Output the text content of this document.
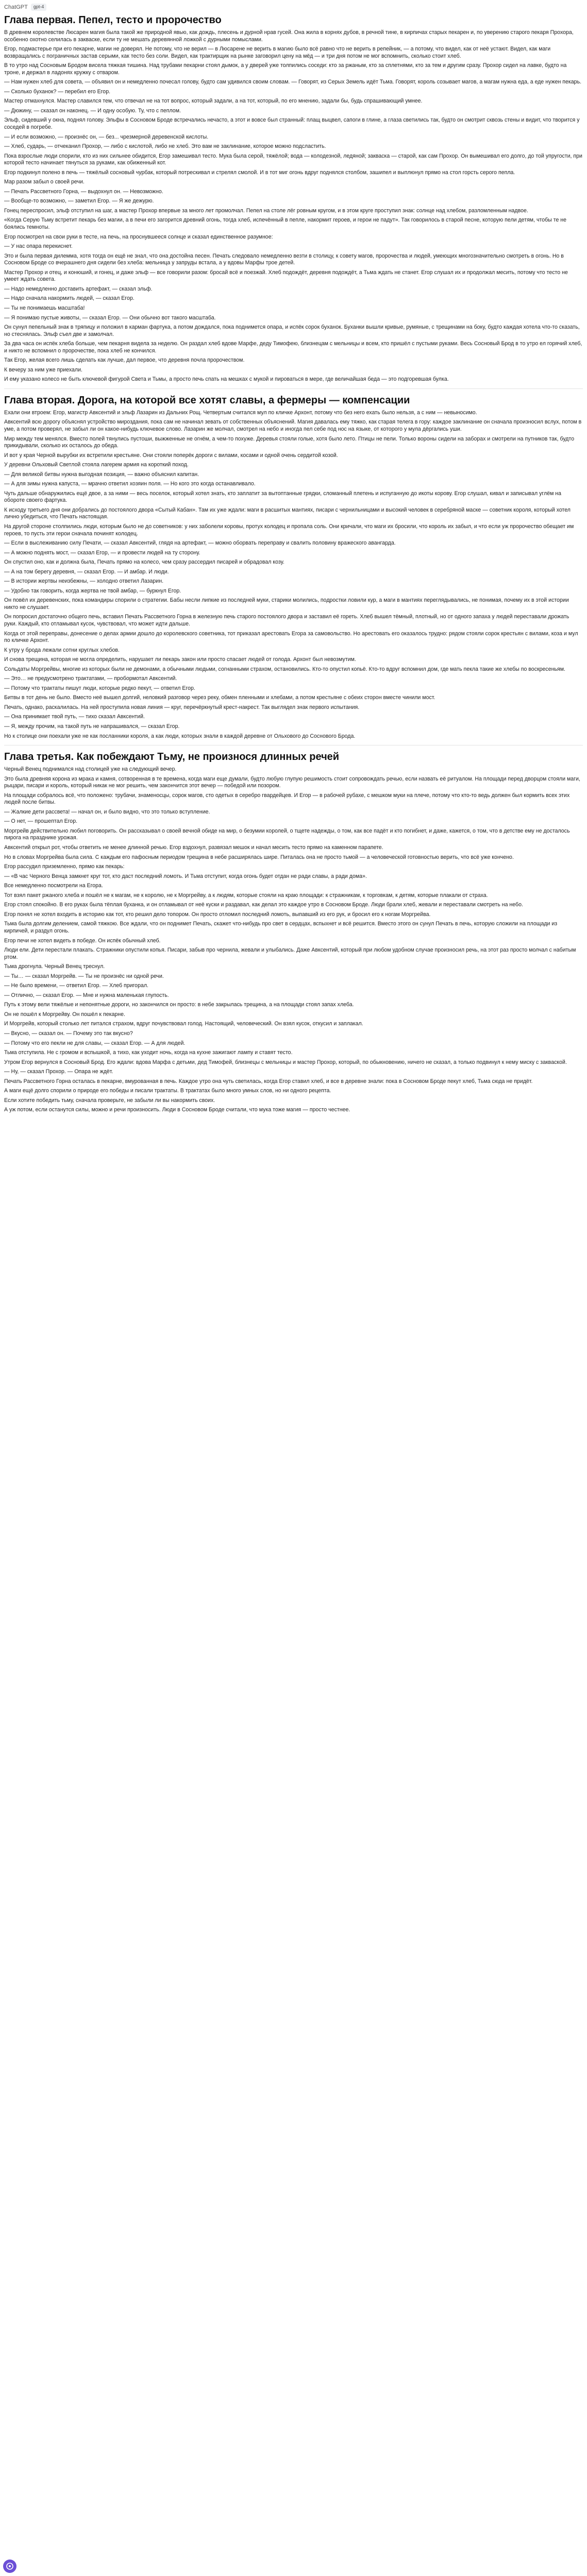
ChatGPT	gpt-4
Глава первая. Пепел, тесто и пророчество

В древнем королевстве Люсарен магия была такой же природной явью, как дождь, плесень и дурной нрав гусей. Она жила в корнях дубов, в речной тине, в кирпичах старых пекарен и, по уверению старого пекаря Прохора, особенно охотно селилась в закваске, если ту не мешать деревянной ложкой с дурными помыслами.

Егор, подмастерье при его пекарне, магии не доверял. Не потому, что не верил — в Люсарене не верить в магию было всё равно что не верить в репейник, — а потому, что видел, как от неё устают. Видел, как маги возвращались с пограничных застав серыми, как тесто без соли. Видел, как трактирщик на рынке заговорил цену на мёд — и три дня потом не мог вспомнить, сколько стоит хлеб.

В то утро над Сосновым Бродом висела тяжкая тишина. Над трубами пекарни стоял дымок, а у дверей уже толпились соседи: кто за ржаным, кто за сплетнями, кто за тем и другим сразу. Прохор сидел на лавке, будто на троне, и держал в ладонях кружку с отваром.

— Нам нужен хлеб для совета, — объявил он и немедленно почесал голову, будто сам удивился своим словам. — Говорят, из Серых Земель идёт Тьма. Говорят, король созывает магов, а магам нужна еда, а еде нужен пекарь.

— Сколько буханок? — перебил его Егор.

Мастер отмахнулся. Мастер славился тем, что отвечал не на тот вопрос, который задали, а на тот, который, по его мнению, задали бы, будь спрашивающий умнее.

— Дюжину, — сказал он наконец. — И одну особую. Ту, что с пеплом.

Эльф, сидевший у окна, поднял голову. Эльфы в Сосновом Броде встречались нечасто, а этот и вовсе был странный: плащ выцвел, сапоги в глине, а глаза светились так, будто он смотрит сквозь стены и видит, что творится у соседей в погребе.

— И если возможно, — произнёс он, — без... чрезмерной деревенской кислоты.

— Хлеб, сударь, — отчеканил Прохор, — либо с кислотой, либо не хлеб. Это вам не заклинание, которое можно подсластить.

Пока взрослые люди спорили, кто из них сильнее обидится, Егор замешивал тесто. Мука была серой, тяжёлой; вода — колодезной, ледяной; закваска — старой, как сам Прохор. Он вымешивал его долго, до той упругости, при которой тесто начинает тянуться за руками, как обиженный кот.

Егор подкинул полено в печь — тяжёлый сосновый чурбак, который потрескивал и стрелял смолой. И в тот миг огонь вдруг поднялся столбом, зашипел и выплюнул прямо на стол горсть серого пепла.

Мар разом забыл о своей речи.

— Печать Рассветного Горна, — выдохнул он. — Невозможно.

— Вообще-то возможно, — заметил Егор. — Я же дежурю.

Гонец переспросил, эльф отступил на шаг, а мастер Прохор впервые за много лет промолчал. Пепел на столе лёг ровным кругом, и в этом круге проступил знак: солнце над хлебом, разломленным надвое.

«Когда Серую Тьму встретит пекарь без магии, а в печи его загорится древний огонь, тогда хлеб, испечённый в пепле, накормит героев, и герои не падут». Так говорилось в старой песне, которую пели детям, чтобы те не боялись темноты.

Егор посмотрел на свои руки в тесте, на печь, на проснувшееся солнце и сказал единственное разумное:

— У нас опара перекиснет.

Это и была первая дилемма, хотя тогда он ещё не знал, что она достойна песен. Печать следовало немедленно везти в столицу, к совету магов, пророчества и людей, умеющих многозначительно смотреть в огонь. Но в Сосновом Броде со вчерашнего дня сидели без хлеба: мельница у запруды встала, а у вдовы Марфы трое детей.

Мастер Прохор и отец, и конюший, и гонец, и даже эльф — все говорили разом: бросай всё и поезжай. Хлеб подождёт, деревня подождёт, а Тьма ждать не станет. Егор слушал их и продолжал месить, потому что тесто не умеет ждать совета.

— Надо немедленно доставить артефакт, — сказал эльф.

— Надо сначала накормить людей, — сказал Егор.

— Ты не понимаешь масштаба!

— Я понимаю пустые животы, — сказал Егор. — Они обычно вот такого масштаба.

Он сунул пепельный знак в тряпицу и положил в карман фартука, а потом дождался, пока поднимется опара, и испёк сорок буханок. Буханки вышли кривые, румяные, с трещинами на боку, будто каждая хотела что-то сказать, но стеснялась. Эльф съел две и замолчал.

За два часа он испёк хлеба больше, чем пекарня видела за неделю. Он раздал хлеб вдове Марфе, деду Тимофею, близнецам с мельницы и всем, кто пришёл с пустыми руками. Весь Сосновый Брод в то утро ел горячий хлеб, и никто не вспомнил о пророчестве, пока хлеб не кончился.

Так Егор, желая всего лишь сделать как лучше, дал первое, что деревня почла пророчеством.

К вечеру за ним уже приехали.

И ему указано колесо не быть ключевой фигурой Света и Тьмы, а просто печь спать на мешках с мукой и пироваться в мере, где величайшая беда — это подгоревшая булка.

Глава вторая. Дорога, на которой все хотят славы, а фермеры — компенсации

Ехали они втроем: Егор, магистр Авксентий и эльф Лазарин из Дальних Рощ. Четвертым считался мул по кличке Архонт, потому что без него ехать было нельзя, а с ним — невыносимо.

Авксентий всю дорогу объяснял устройство мироздания, пока сам не начинал зевать от собственных объяснений. Магия давалась ему тяжко, как старая телега в гору: каждое заклинание он сначала произносил вслух, потом в уме, а потом проверял, не забыл ли он какое-нибудь ключевое слово. Лазарин же молчал, смотрел на небо и иногда пел себе под нос на языке, от которого у мула дёргались уши.

Мир между тем менялся. Вместо полей тянулись пустоши, выжженные не огнём, а чем-то похуже. Деревья стояли голые, хотя было лето. Птицы не пели. Только вороны сидели на заборах и смотрели на путников так, будто прикидывали, сколько их осталось до обеда.

И вот у края Черной вырубки их встретили крестьяне. Они стояли поперёк дороги с вилами, косами и одной очень сердитой козой.

У деревни Ольховый Светлой стояла лагерем армия на короткий поход.

— Для великой битвы нужна выгодная позиция, — важно объяснил капитан.

— А для зимы нужна капуста, — мрачно ответил хозяин поля. — Но кого это когда останавливало.

Чуть дальше обнаружились ещё двое, а за ними — весь поселок, который хотел знать, кто заплатит за вытоптанные грядки, сломанный плетень и испуганную до икоты корову. Егор слушал, кивал и записывал углём на обороте своего фартука.

К исходу третьего дня они добрались до постоялого двора «Сытый Кабан». Там их уже ждали: маги в расшитых мантиях, писари с чернильницами и высокий человек в серебряной маске — советник короля, который хотел лично убедиться, что Печать настоящая.

На другой стороне столпились люди, которым было не до советников: у них заболели коровы, протух колодец и пропала соль. Они кричали, что маги их бросили, что король их забыл, и что если уж пророчество обещает им героев, то пусть эти герои сначала починят колодец.

— Если в выслеживанию силу Печати, — сказал Авксентий, глядя на артефакт, — можно оборвать переправу и свалить половину вражеского авангарда.

— А можно поднять мост, — сказал Егор, — и провести людей на ту сторону.

Он спустил оно, как и должна была, Печать прямо на колесо, чем сразу рассердил писарей и обрадовал козу.

— А на том берегу деревня, — сказал Егор. — И амбар. И люди.

— В истории жертвы неизбежны, — холодно ответил Лазарин.

— Удобно так говорить, когда жертва не твой амбар, — буркнул Егор.

Он повёл их деревенских, пока командиры спорили о стратегии. Бабы несли липкие из последней муки, старики молились, подростки ловили кур, а маги в мантиях переглядывались, не понимая, почему их в этой истории никто не слушает.

Он попросил достаточно общего печь, вставил Печать Рассветного Горна в железную печь старого постоялого двора и заставил её гореть. Хлеб вышел тёмный, плотный, но от одного запаха у людей переставали дрожать руки. Каждый, кто отламывал кусок, чувствовал, что может идти дальше.

Когда от этой переправы, донесение о делах армии дошло до королевского советника, тот приказал арестовать Егора за самовольство. Но арестовать его оказалось трудно: рядом стояли сорок крестьян с вилами, коза и мул по кличке Архонт.

К утру у брода лежали сотни круглых хлебов.

И снова трещина, которая не могла определить, нарушает ли пекарь закон или просто спасает людей от голода. Архонт был невозмутим.

Сольдаты Моргрейвы, многие из которых были не демонами, а обычными людьми, согнанными страхом, остановились. Кто-то опустил копьё. Кто-то вдруг вспомнил дом, где мать пекла такие же хлебы по воскресеньям.

— Это… не предусмотрено трактатами, — пробормотал Авксентий.

— Потому что трактаты пишут люди, которые редко пекут, — ответил Егор.

Битвы в тот день не было. Вместо неё вышел долгий, неловкий разговор через реку, обмен пленными и хлебами, а потом крестьяне с обеих сторон вместе чинили мост.

Печать, однако, раскалилась. На ней проступила новая линия — круг, перечёркнутый крест-накрест. Так выглядел знак первого испытания.

— Она принимает твой путь, — тихо сказал Авксентий.

— Я, между прочим, на такой путь не напрашивался, — сказал Егор.

Но к столице они поехали уже не как посланники короля, а как люди, которых знали в каждой деревне от Ольхового до Соснового Брода.

Глава третья. Как побеждают Тьму, не произнося длинных речей

Черный Венец поднимался над столицей уже на следующий вечер.

Это была древняя корона из мрака и камня, сотворенная в те времена, когда маги еще думали, будто любую глупую решимость стоит сопровождать речью, если назвать её ритуалом. На площади перед дворцом стояли маги, рыцари, писари и король, который никак не мог решить, чем закончится этот вечер — победой или позором.

На площади собралось всё, что положено: трубачи, знаменосцы, сорок магов, сто одетых в серебро гвардейцев. И Егор — в рабочей рубахе, с мешком муки на плече, потому что кто-то ведь должен был кормить всех этих людей после битвы.

— Жалкие дети рассвета! — начал он, и было видно, что это только вступление.

— О нет, — прошептал Егор.

Моргрейв действительно любил поговорить. Он рассказывал о своей вечной обиде на мир, о безумии королей, о тщете надежды, о том, как все падёт и кто погибнет, и даже, кажется, о том, что в детстве ему не досталось пирога на празднике урожая.

Авксентий открыл рот, чтобы ответить не менее длинной речью. Егор вздохнул, развязал мешок и начал месить тесто прямо на каменном парапете.

Но в словах Моргрейва была сила. С каждым его пафосным периодом трещина в небе расширялась шире. Питалась она не просто тьмой — а человеческой готовностью верить, что всё уже кончено.

Егор рассудил приземленно, прямо как пекарь:

— «В час Черного Венца замкнет круг тот, кто даст последний ломоть. И Тьма отступит, когда огонь будет отдан не ради славы, а ради дома».

Все немедленно посмотрели на Егора.

Тот взял пакет ржаного хлеба и пошёл не к магам, не к королю, не к Моргрейву, а к людям, которые стояли на краю площади: к стражникам, к торговкам, к детям, которые плакали от страха.

Егор стоял спокойно. В его руках была тёплая буханка, и он отламывал от неё куски и раздавал, как делал это каждое утро в Сосновом Броде. Люди брали хлеб, жевали и переставали смотреть на небо.

Егор понял не хотел входить в историю как тот, кто решил дело топором. Он просто отломил последний ломоть, выпавший из его рук, и бросил его к ногам Моргрейва.

Тьма была долгим делением, самой тяжкою. Все ждали, что он поднимет Печать, скажет что-нибудь про свет в сердцах, вспыхнет и всё решится. Вместо этого он сунул Печать в печь, которую сложили на площади из кирпичей, и раздул огонь.

Егор печи не хотел видеть в победе. Он испёк обычный хлеб.

Люди ели. Дети перестали плакать. Стражники опустили копья. Писари, забыв про чернила, жевали и улыбались. Даже Авксентий, который при любом удобном случае произносил речь, на этот раз просто молчал с набитым ртом.

Тьма дрогнула. Черный Венец треснул.

— Ты… — сказал Моргрейв. — Ты не произнёс ни одной речи.

— Не было времени, — ответил Егор. — Хлеб пригорал.

— Отлично, — сказал Егор. — Мне и нужна маленькая глупость.

Путь к этому вели тяжёлые и непонятные дороги, но закончился он просто: в небе закрылась трещина, а на площади стоял запах хлеба.

Он не пошёл к Моргрейву. Он пошёл к пекарне.

И Моргрейв, который столько лет питался страхом, вдруг почувствовал голод. Настоящий, человеческий. Он взял кусок, откусил и заплакал.

— Вкусно, — сказал он. — Почему это так вкусно?

— Потому что его пекли не для славы, — сказал Егор. — А для людей.

Тьма отступила. Не с громом и вспышкой, а тихо, как уходит ночь, когда на кухне зажигают лампу и ставят тесто.

Утром Егор вернулся в Сосновый Брод. Его ждали: вдова Марфа с детьми, дед Тимофей, близнецы с мельницы и мастер Прохор, который, по обыкновению, ничего не сказал, а только подвинул к нему миску с закваской.

— Ну, — сказал Прохор. — Опара не ждёт.

Печать Рассветного Горна осталась в пекарне, вмурованная в печь. Каждое утро она чуть светилась, когда Егор ставил хлеб, и все в деревне знали: пока в Сосновом Броде пекут хлеб, Тьма сюда не придёт.

А маги ещё долго спорили о природе его победы и писали трактаты. В трактатах было много умных слов, но ни одного рецепта.

Если хотите победить тьму, сначала проверьте, не забыли ли вы накормить своих.

А уж потом, если останутся силы, можно и речи произносить. Люди в Сосновом Броде считали, что мука тоже магия — просто честнее.
